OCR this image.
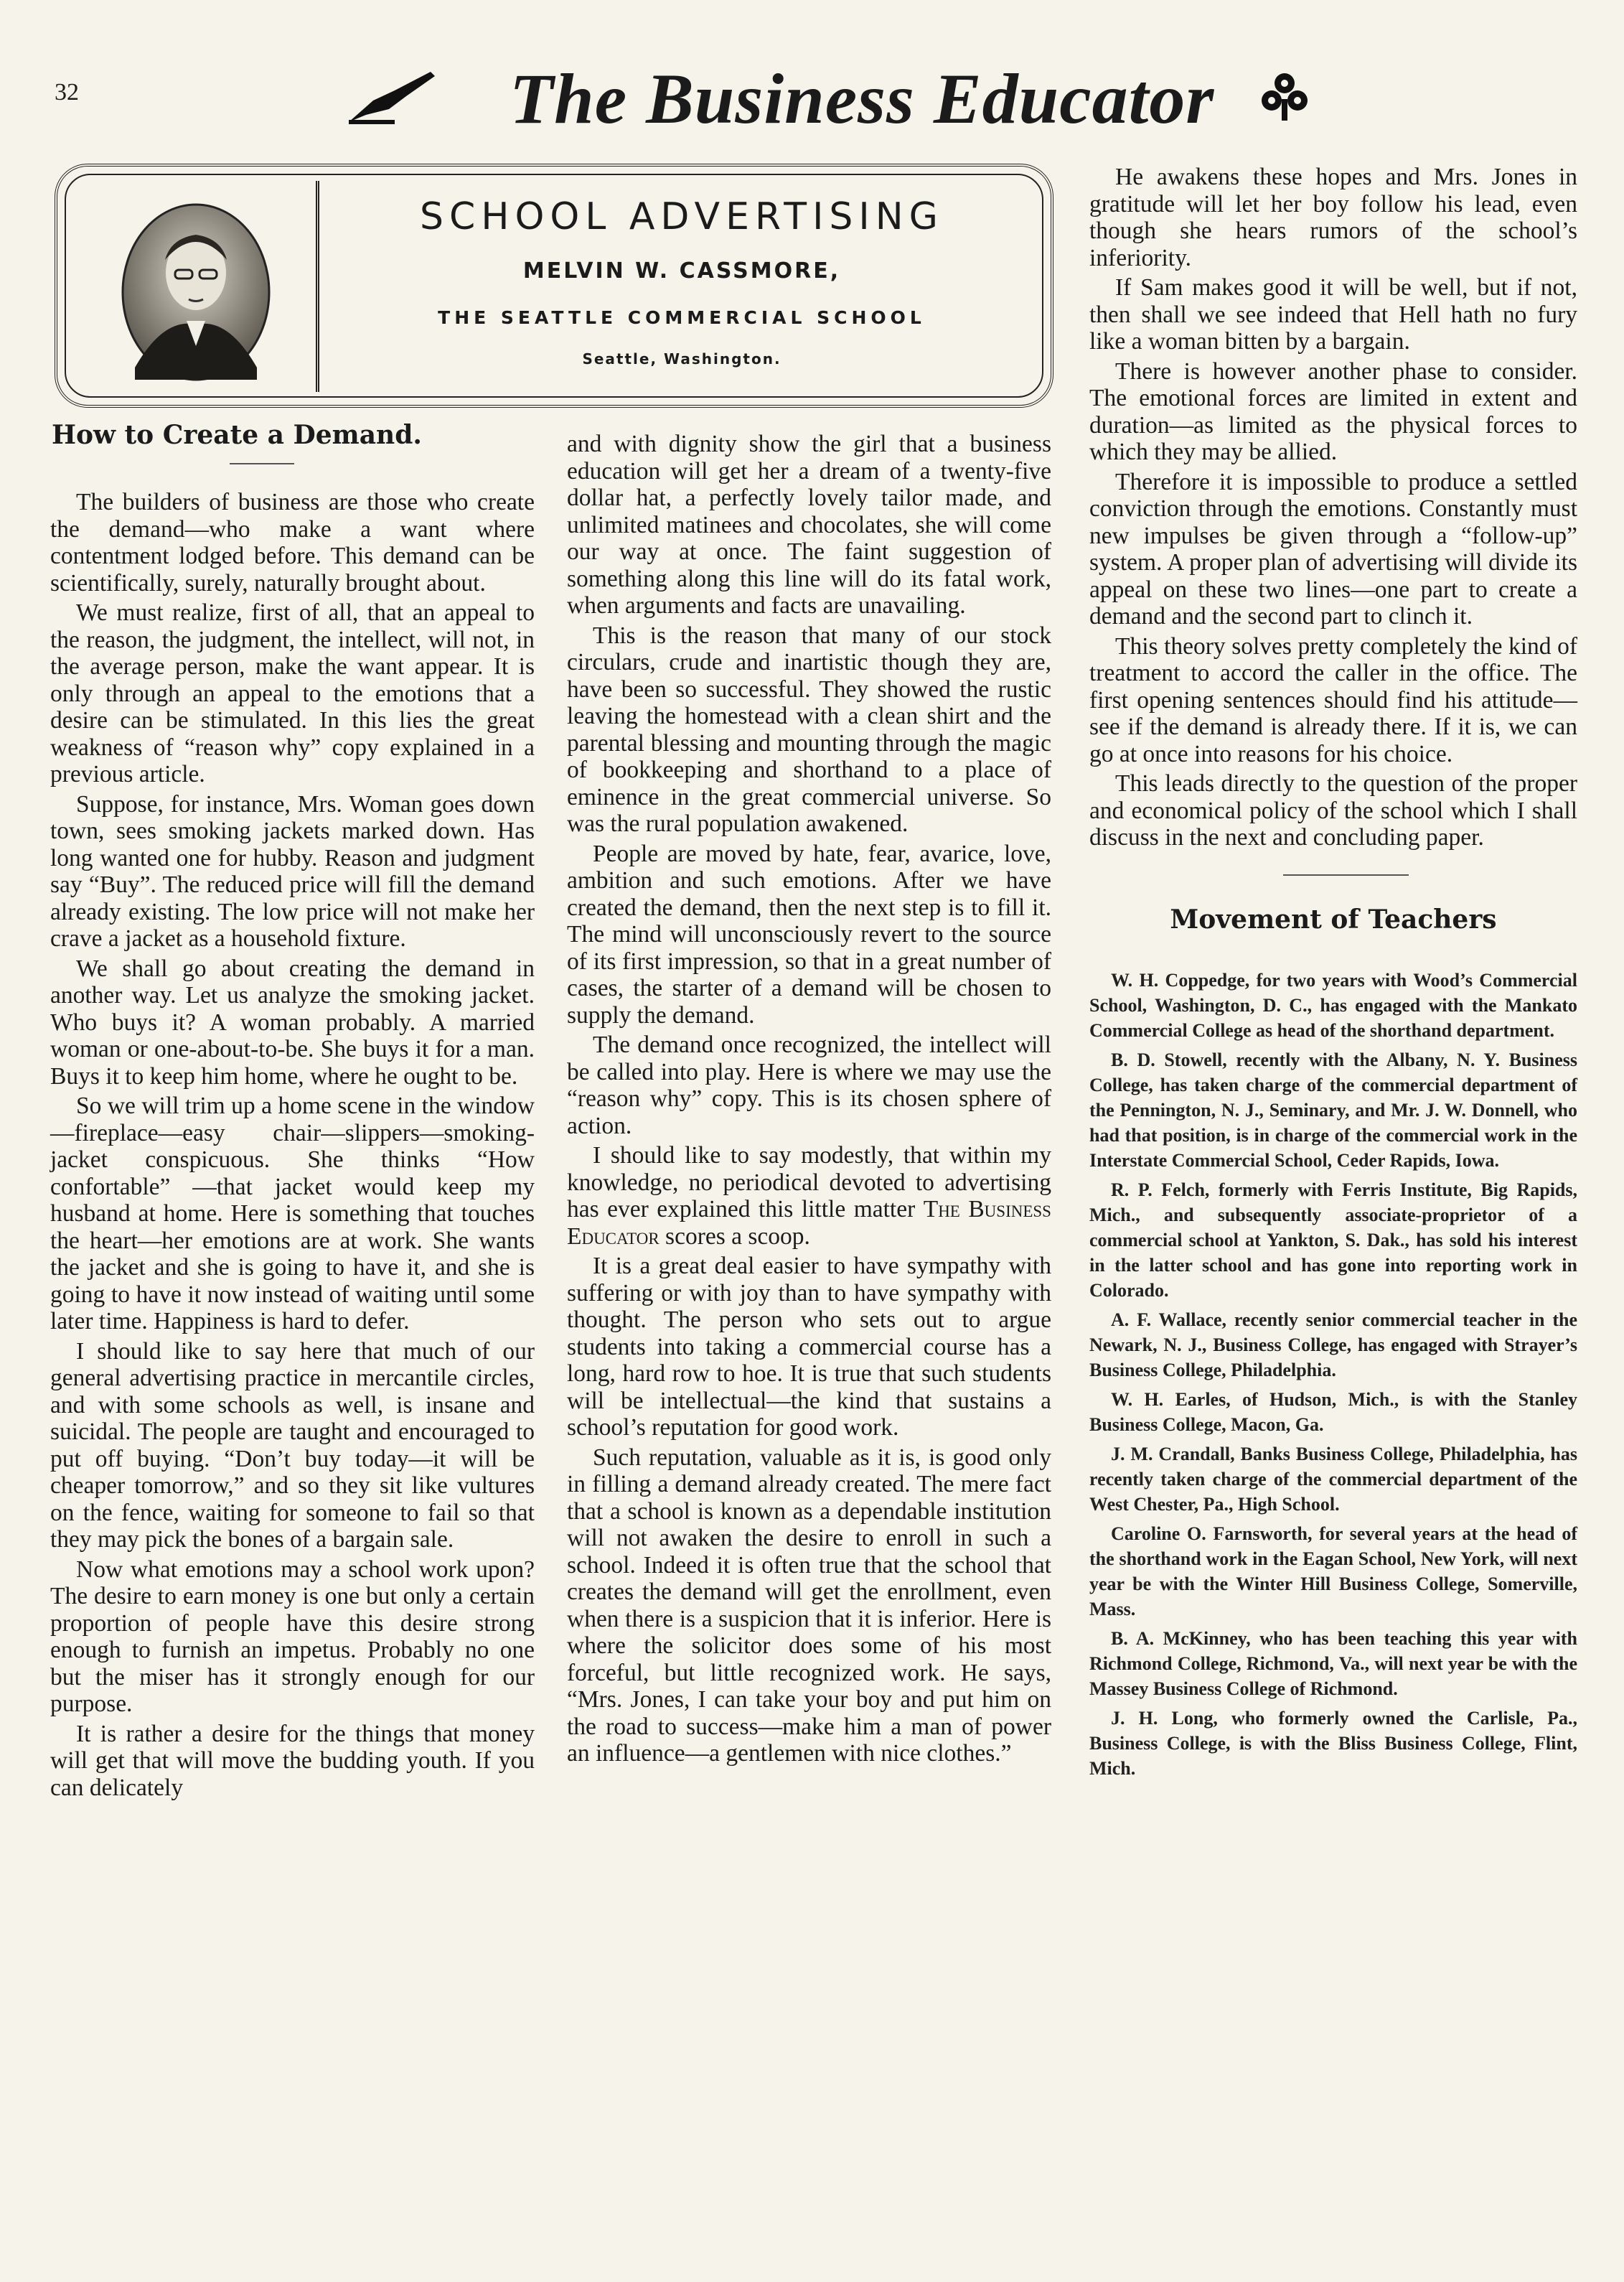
32	The Business Educator
SCHOOL ADVERTISING
MELVIN W. CASSMORE,
THE SEATTLE COMMERCIAL SCHOOL
Seattle, Washington.
How to Create a Demand.

The builders of business are those who create the demand—who make a want where contentment lodged before. This demand can be scientifically, surely, naturally brought about.

We must realize, first of all, that an appeal to the reason, the judgment, the intellect, will not, in the average person, make the want appear. It is only through an appeal to the emotions that a desire can be stimulated. In this lies the great weakness of “reason why” copy explained in a previous article.

Suppose, for instance, Mrs. Woman goes down town, sees smoking jackets marked down. Has long wanted one for hubby. Reason and judgment say “Buy”. The reduced price will fill the demand already existing. The low price will not make her crave a jacket as a household fixture.

We shall go about creating the demand in another way. Let us analyze the smoking jacket. Who buys it? A woman probably. A married woman or one-about-to-be. She buys it for a man. Buys it to keep him home, where he ought to be.

So we will trim up a home scene in the window—fireplace—easy chair—slippers—smoking-jacket conspicuous. She thinks “How confortable” —that jacket would keep my husband at home. Here is something that touches the heart—her emotions are at work. She wants the jacket and she is going to have it, and she is going to have it now instead of waiting until some later time. Happiness is hard to defer.

I should like to say here that much of our general advertising practice in mercantile circles, and with some schools as well, is insane and suicidal. The people are taught and encouraged to put off buying. “Don’t buy today—it will be cheaper tomorrow,” and so they sit like vultures on the fence, waiting for someone to fail so that they may pick the bones of a bargain sale.

Now what emotions may a school work upon? The desire to earn money is one but only a certain proportion of people have this desire strong enough to furnish an impetus. Probably no one but the miser has it strongly enough for our purpose.

It is rather a desire for the things that money will get that will move the budding youth. If you can delicately

and with dignity show the girl that a business education will get her a dream of a twenty-five dollar hat, a perfectly lovely tailor made, and unlimited matinees and chocolates, she will come our way at once. The faint suggestion of something along this line will do its fatal work, when arguments and facts are unavailing.

This is the reason that many of our stock circulars, crude and inartistic though they are, have been so successful. They showed the rustic leaving the homestead with a clean shirt and the parental blessing and mounting through the magic of bookkeeping and shorthand to a place of eminence in the great commercial universe. So was the rural population awakened.

People are moved by hate, fear, avarice, love, ambition and such emotions. After we have created the demand, then the next step is to fill it. The mind will unconsciously revert to the source of its first impression, so that in a great number of cases, the starter of a demand will be chosen to supply the demand.

The demand once recognized, the intellect will be called into play. Here is where we may use the “reason why” copy. This is its chosen sphere of action.

I should like to say modestly, that within my knowledge, no periodical devoted to advertising has ever explained this little matter The Business Educator scores a scoop.

It is a great deal easier to have sympathy with suffering or with joy than to have sympathy with thought. The person who sets out to argue students into taking a commercial course has a long, hard row to hoe. It is true that such students will be intellectual—the kind that sustains a school’s reputation for good work.

Such reputation, valuable as it is, is good only in filling a demand already created. The mere fact that a school is known as a dependable institution will not awaken the desire to enroll in such a school. Indeed it is often true that the school that creates the demand will get the enrollment, even when there is a suspicion that it is inferior. Here is where the solicitor does some of his most forceful, but little recognized work. He says, “Mrs. Jones, I can take your boy and put him on the road to success—make him a man of power an influence—a gentlemen with nice clothes.”

He awakens these hopes and Mrs. Jones in gratitude will let her boy follow his lead, even though she hears rumors of the school’s inferiority.

If Sam makes good it will be well, but if not, then shall we see indeed that Hell hath no fury like a woman bitten by a bargain.

There is however another phase to consider. The emotional forces are limited in extent and duration—as limited as the physical forces to which they may be allied.

Therefore it is impossible to produce a settled conviction through the emotions. Constantly must new impulses be given through a “follow-up” system. A proper plan of advertising will divide its appeal on these two lines—one part to create a demand and the second part to clinch it.

This theory solves pretty completely the kind of treatment to accord the caller in the office. The first opening sentences should find his attitude—see if the demand is already there. If it is, we can go at once into reasons for his choice.

This leads directly to the question of the proper and economical policy of the school which I shall discuss in the next and concluding paper.

Movement of Teachers

W. H. Coppedge, for two years with Wood’s Commercial School, Washington, D. C., has engaged with the Mankato Commercial College as head of the shorthand department.

B. D. Stowell, recently with the Albany, N. Y. Business College, has taken charge of the commercial department of the Pennington, N. J., Seminary, and Mr. J. W. Donnell, who had that position, is in charge of the commercial work in the Interstate Commercial School, Ceder Rapids, Iowa.

R. P. Felch, formerly with Ferris Institute, Big Rapids, Mich., and subsequently associate-proprietor of a commercial school at Yankton, S. Dak., has sold his interest in the latter school and has gone into reporting work in Colorado.

A. F. Wallace, recently senior commercial teacher in the Newark, N. J., Business College, has engaged with Strayer’s Business College, Philadelphia.

W. H. Earles, of Hudson, Mich., is with the Stanley Business College, Macon, Ga.

J. M. Crandall, Banks Business College, Philadelphia, has recently taken charge of the commercial department of the West Chester, Pa., High School.

Caroline O. Farnsworth, for several years at the head of the shorthand work in the Eagan School, New York, will next year be with the Winter Hill Business College, Somerville, Mass.

B. A. McKinney, who has been teaching this year with Richmond College, Richmond, Va., will next year be with the Massey Business College of Richmond.

J. H. Long, who formerly owned the Carlisle, Pa., Business College, is with the Bliss Business College, Flint, Mich.
